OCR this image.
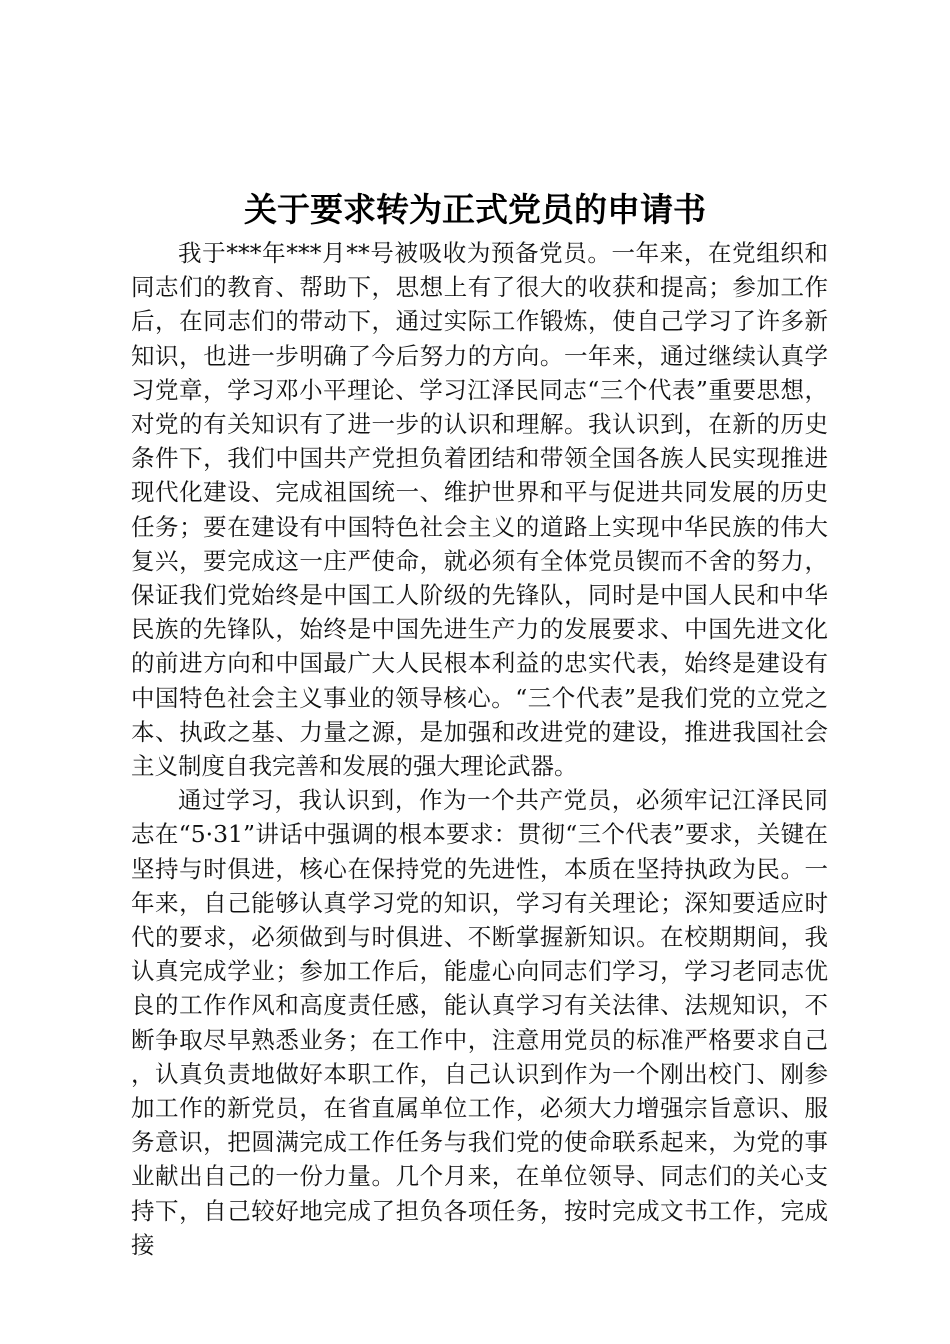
关于要求转为正式党员的申请书

我于***年***月**号被吸收为预备党员。一年来，在党组织和同志们的教育、帮助下，思想上有了很大的收获和提高；参加工作后，在同志们的带动下，通过实际工作锻炼，使自己学习了许多新知识，也进一步明确了今后努力的方向。一年来，通过继续认真学习党章，学习邓小平理论、学习江泽民同志“三个代表”重要思想，对党的有关知识有了进一步的认识和理解。我认识到，在新的历史条件下，我们中国共产党担负着团结和带领全国各族人民实现推进现代化建设、完成祖国统一、维护世界和平与促进共同发展的历史任务；要在建设有中国特色社会主义的道路上实现中华民族的伟大复兴，要完成这一庄严使命，就必须有全体党员锲而不舍的努力，保证我们党始终是中国工人阶级的先锋队，同时是中国人民和中华民族的先锋队，始终是中国先进生产力的发展要求、中国先进文化的前进方向和中国最广大人民根本利益的忠实代表，始终是建设有中国特色社会主义事业的领导核心。“三个代表”是我们党的立党之本、执政之基、力量之源，是加强和改进党的建设，推进我国社会主义制度自我完善和发展的强大理论武器。

通过学习，我认识到，作为一个共产党员，必须牢记江泽民同志在“5·31”讲话中强调的根本要求：贯彻“三个代表”要求，关键在坚持与时俱进，核心在保持党的先进性，本质在坚持执政为民。一年来，自己能够认真学习党的知识，学习有关理论；深知要适应时代的要求，必须做到与时俱进、不断掌握新知识。在校期期间，我认真完成学业；参加工作后，能虚心向同志们学习，学习老同志优良的工作作风和高度责任感，能认真学习有关法律、法规知识，不断争取尽早熟悉业务；在工作中，注意用党员的标准严格要求自己，认真负责地做好本职工作，自己认识到作为一个刚出校门、刚参加工作的新党员，在省直属单位工作，必须大力增强宗旨意识、服务意识，把圆满完成工作任务与我们党的使命联系起来，为党的事业献出自己的一份力量。几个月来，在单位领导、同志们的关心支持下，自己较好地完成了担负各项任务，按时完成文书工作，完成接
